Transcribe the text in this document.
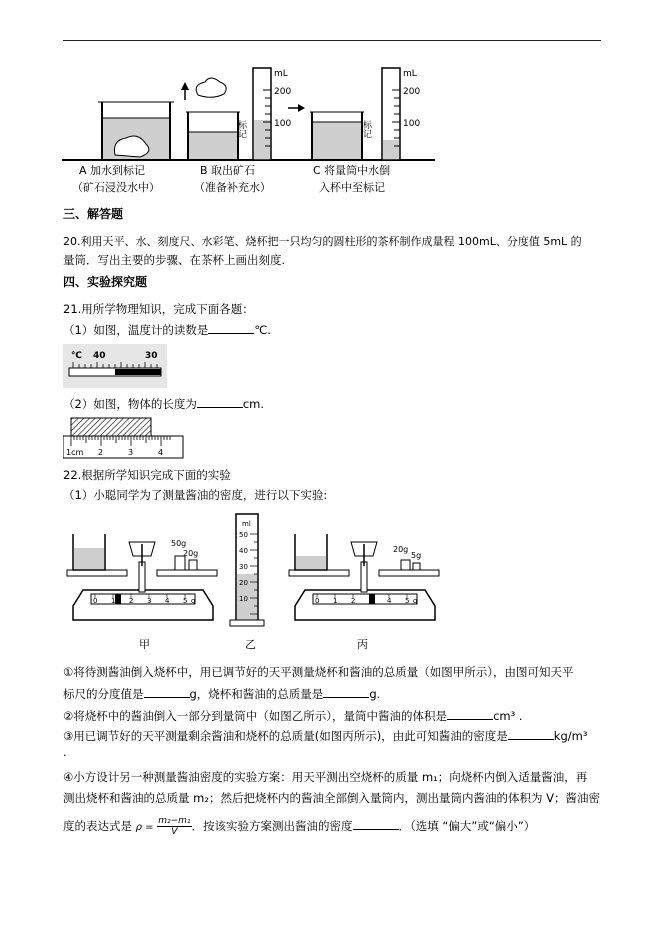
mL
200
100
标记	标记
mL
200
100
A 加水到标记
（矿石浸没水中）
B 取出矿石
（准备补充水）
C 将量筒中水倒
入杯中至标记
三、解答题
20.利用天平、水、刻度尺、水彩笔、烧杯把一只均匀的圆柱形的茶杯制作成量程 100mL、分度值 5mL 的
量筒．写出主要的步骤、在茶杯上画出刻度.
四、实验探究题
21.用所学物理知识，完成下面各题：
（1）如图，温度计的读数是	℃.
℃ 40	30
（2）如图，物体的长度为	cm.
1cm 2	3	4
22.根据所学知识完成下面的实验
（1）小聪同学为了测量酱油的密度，进行以下实验:
0 1 2 3 4 5 g
50g
20g
ml
50
40
30
20
10	0 1 2 3 4 5 g
20g
5g
甲	乙	丙
①将待测酱油倒入烧杯中，用已调节好的天平测量烧杯和酱油的总质量（如图甲所示），由图可知天平
标尺的分度值是	g，烧杯和酱油的总质量是	g.
②将烧杯中的酱油倒入一部分到量筒中（如图乙所示），量筒中酱油的体积是	cm³ .
③用已调节好的天平测量剩余酱油和烧杯的总质量(如图丙所示)，由此可知酱油的密度是	kg/m³
.
④小方设计另一种测量酱油密度的实验方案：用天平测出空烧杯的质量 m₁；向烧杯内倒入适量酱油，再
测出烧杯和酱油的总质量 m₂；然后把烧杯内的酱油全部倒入量筒内，测出量筒内酱油的体积为 V；酱油密
度的表达式是 $\rho = \frac{\text{m₂−m₁}}{V}$ ．按该实验方案测出酱油的密度	．（选填 “偏大”或“偏小”）
